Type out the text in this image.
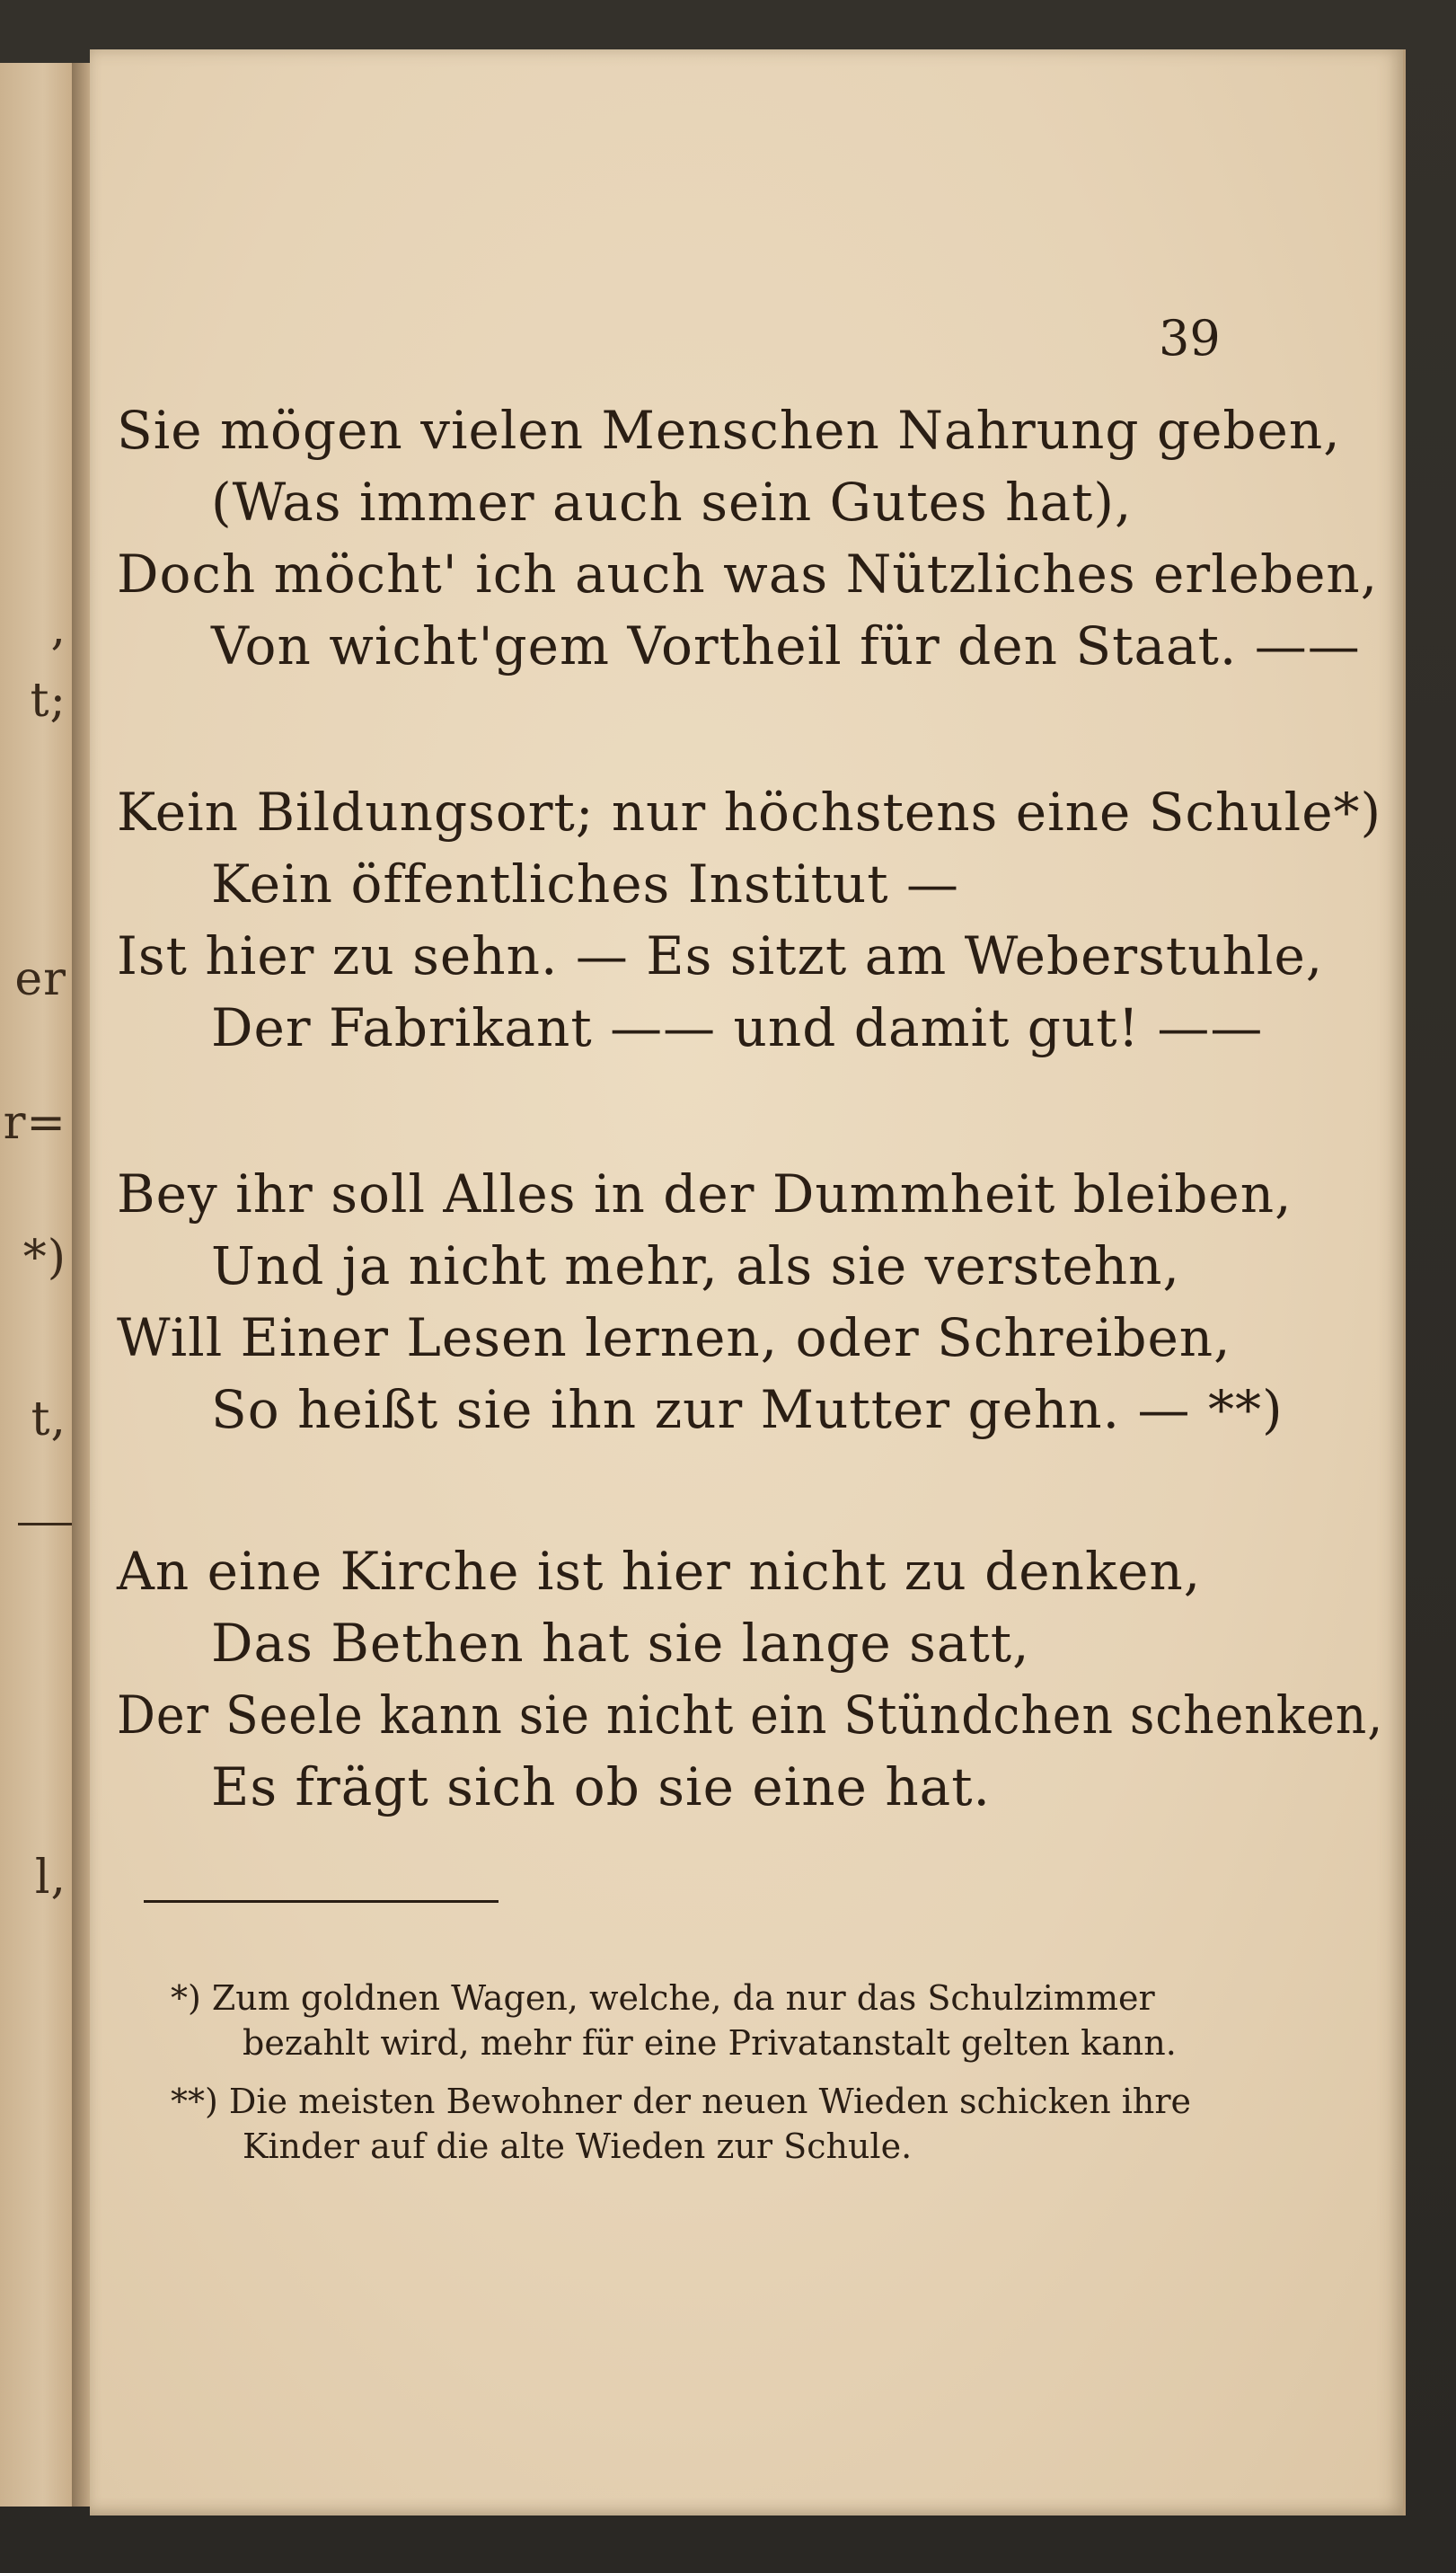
,
t;
er
r=
*)
t,
l,
39
Sie mögen vielen Menschen Nahrung geben,
(Was immer auch sein Gutes hat),
Doch möcht' ich auch was Nützliches erleben,
Von wicht'gem Vortheil für den Staat. ——
Kein Bildungsort; nur höchstens eine Schule*)
Kein öffentliches Institut —
Ist hier zu sehn. — Es sitzt am Weberstuhle,
Der Fabrikant —— und damit gut! ——
Bey ihr soll Alles in der Dummheit bleiben,
Und ja nicht mehr, als sie verstehn,
Will Einer Lesen lernen, oder Schreiben,
So heißt sie ihn zur Mutter gehn. — **)
An eine Kirche ist hier nicht zu denken,
Das Bethen hat sie lange satt,
Der Seele kann sie nicht ein Stündchen schenken,
Es frägt sich ob sie eine hat.
*) Zum goldnen Wagen, welche, da nur das Schulzimmer
bezahlt wird, mehr für eine Privatanstalt gelten kann.
**) Die meisten Bewohner der neuen Wieden schicken ihre
Kinder auf die alte Wieden zur Schule.
